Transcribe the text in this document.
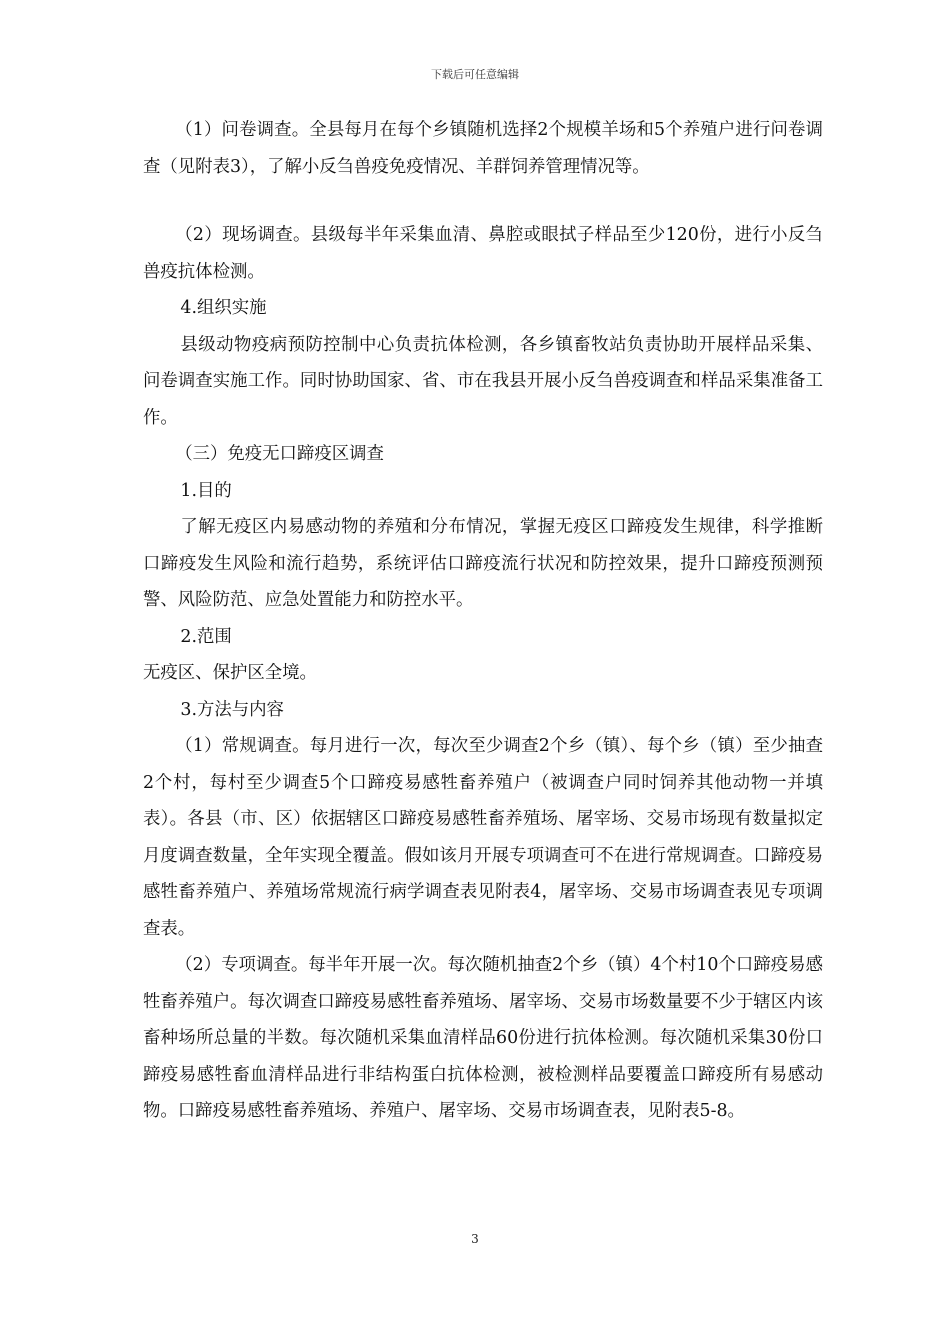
下载后可任意编辑

（1）问卷调查。全县每月在每个乡镇随机选择2个规模羊场和5个养殖户进行问卷调查（见附表3），了解小反刍兽疫免疫情况、羊群饲养管理情况等。

（2）现场调查。县级每半年采集血清、鼻腔或眼拭子样品至少120份，进行小反刍兽疫抗体检测。

4.组织实施

县级动物疫病预防控制中心负责抗体检测，各乡镇畜牧站负责协助开展样品采集、问卷调查实施工作。同时协助国家、省、市在我县开展小反刍兽疫调查和样品采集准备工作。

（三）免疫无口蹄疫区调查

1.目的

了解无疫区内易感动物的养殖和分布情况，掌握无疫区口蹄疫发生规律，科学推断口蹄疫发生风险和流行趋势，系统评估口蹄疫流行状况和防控效果，提升口蹄疫预测预警、风险防范、应急处置能力和防控水平。

2.范围

无疫区、保护区全境。

3.方法与内容

（1）常规调查。每月进行一次，每次至少调查2个乡（镇）、每个乡（镇）至少抽查2个村，每村至少调查5个口蹄疫易感牲畜养殖户（被调查户同时饲养其他动物一并填表）。各县（市、区）依据辖区口蹄疫易感牲畜养殖场、屠宰场、交易市场现有数量拟定月度调查数量，全年实现全覆盖。假如该月开展专项调查可不在进行常规调查。口蹄疫易感牲畜养殖户、养殖场常规流行病学调查表见附表4，屠宰场、交易市场调查表见专项调查表。

（2）专项调查。每半年开展一次。每次随机抽查2个乡（镇）4个村10个口蹄疫易感牲畜养殖户。每次调查口蹄疫易感牲畜养殖场、屠宰场、交易市场数量要不少于辖区内该畜种场所总量的半数。每次随机采集血清样品60份进行抗体检测。每次随机采集30份口蹄疫易感牲畜血清样品进行非结构蛋白抗体检测，被检测样品要覆盖口蹄疫所有易感动物。口蹄疫易感牲畜养殖场、养殖户、屠宰场、交易市场调查表，见附表5-8。

3
